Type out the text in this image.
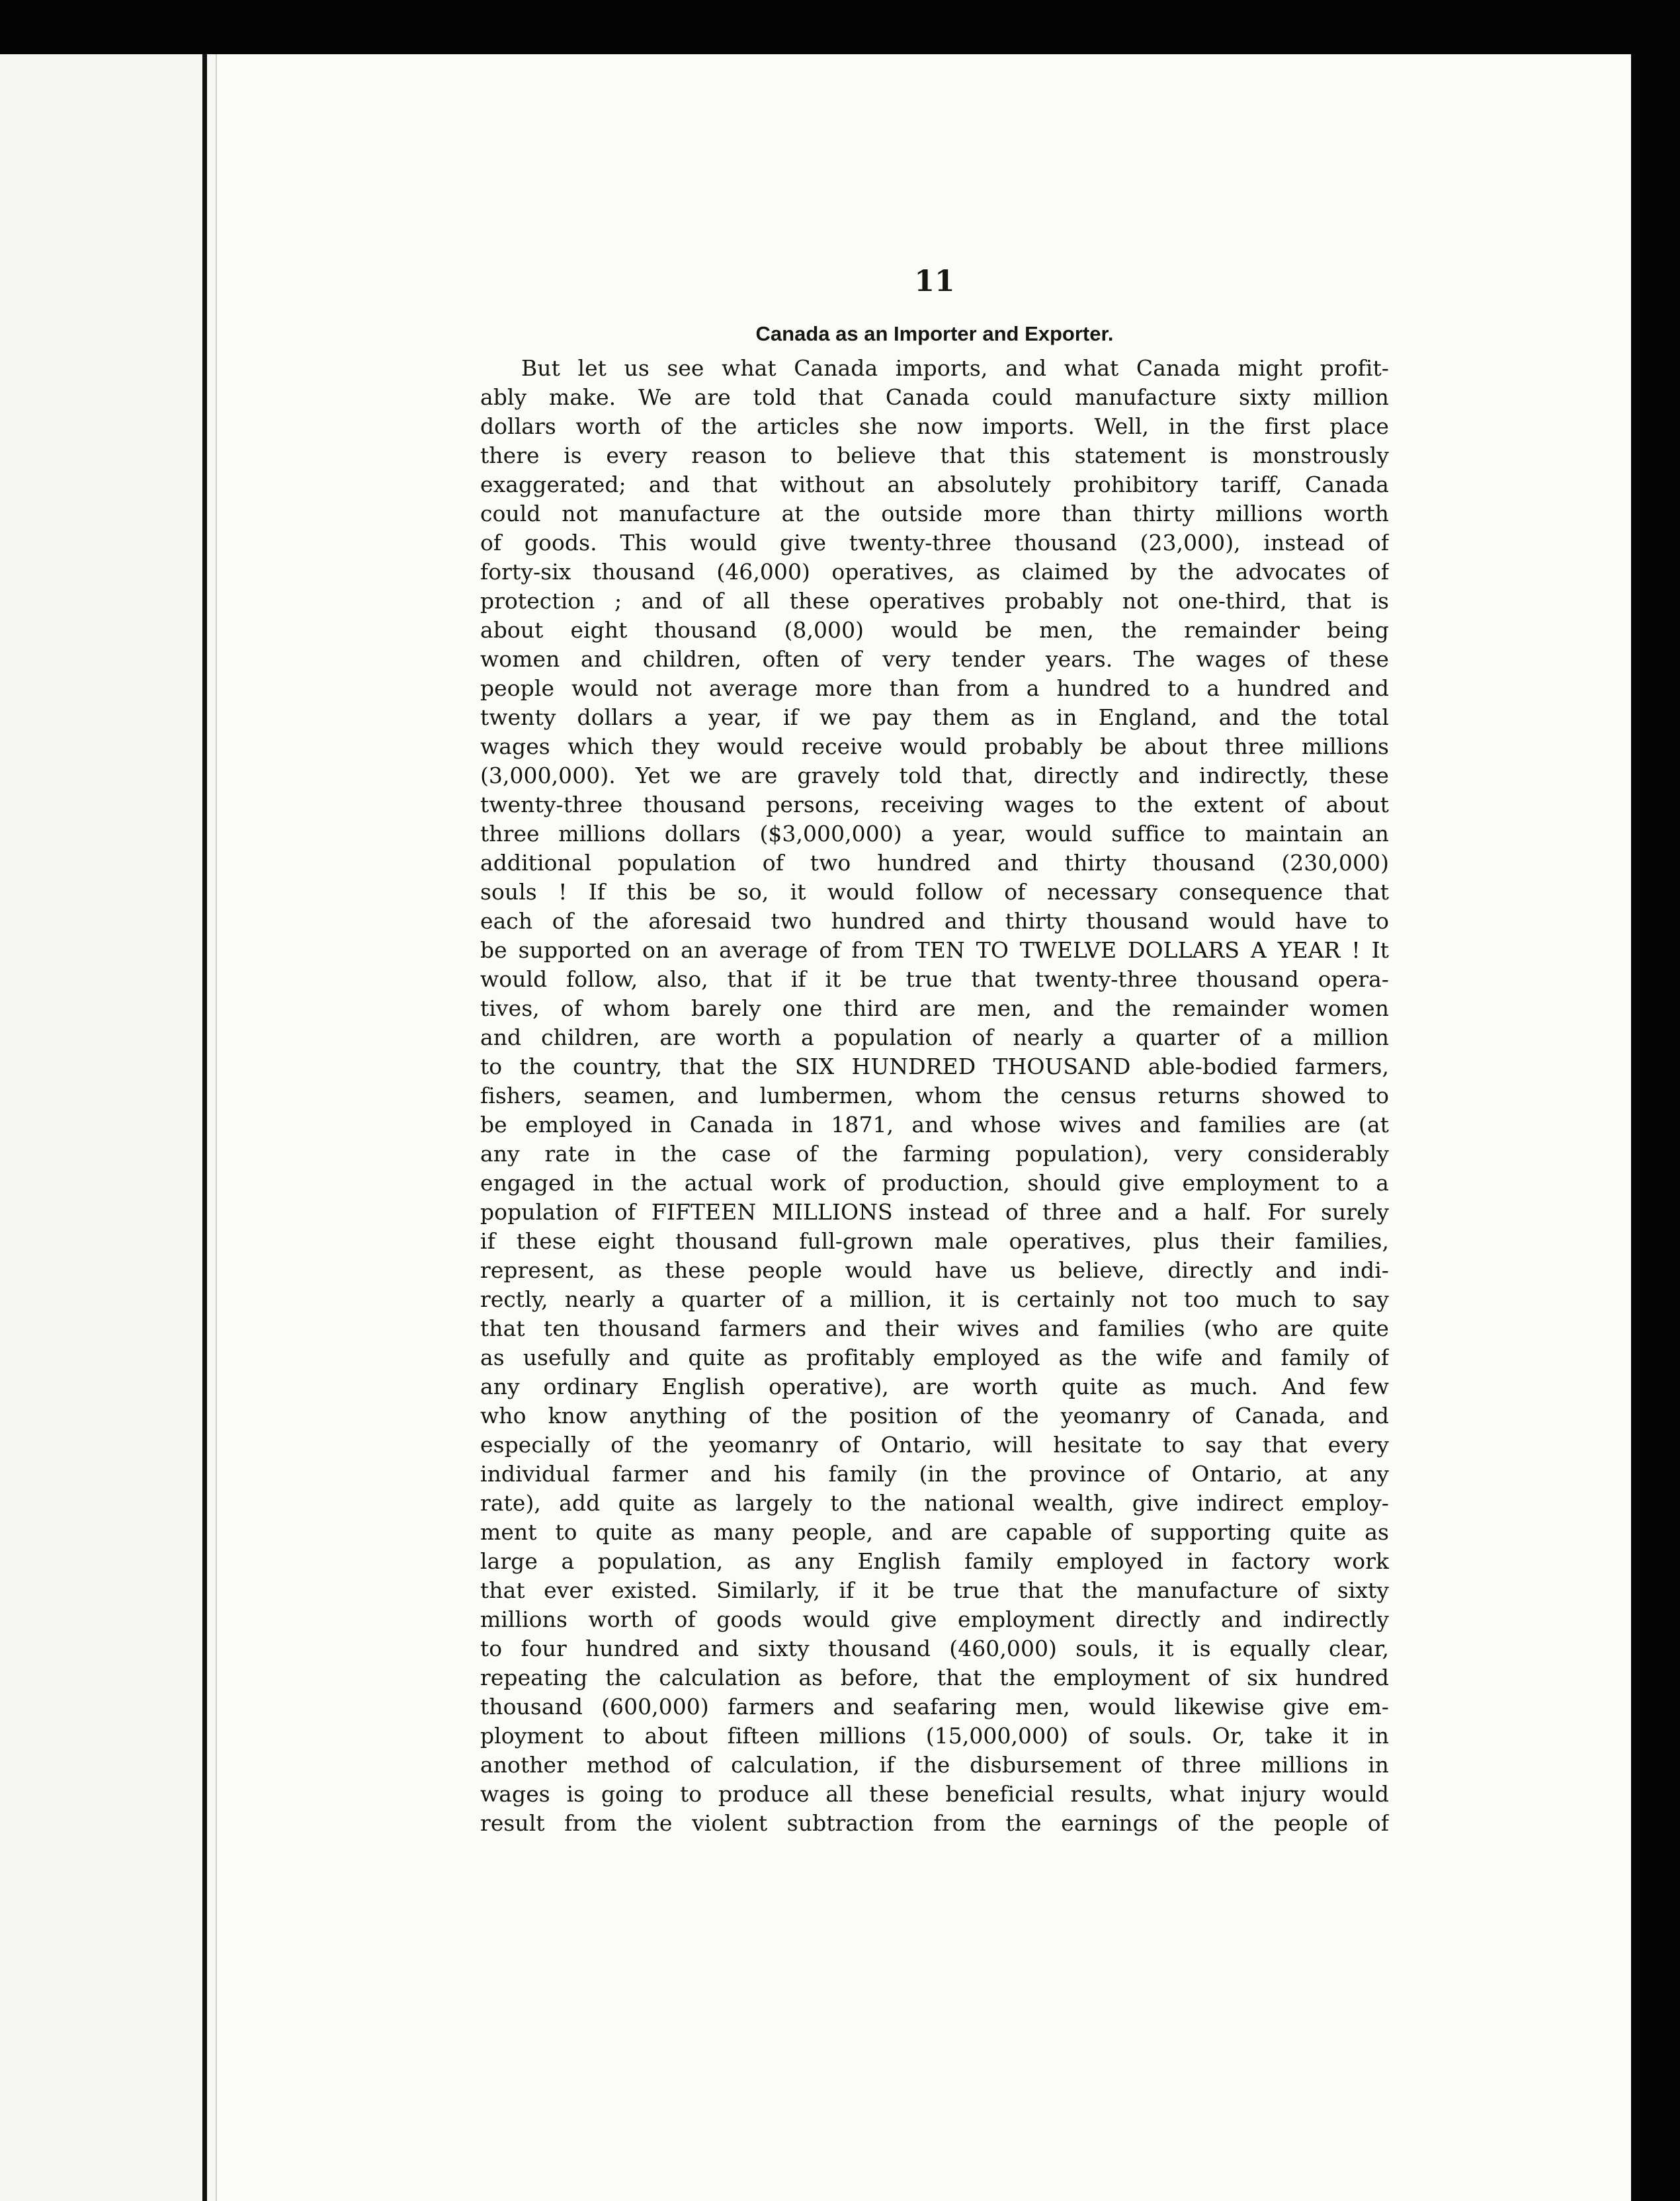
11
Canada as an Importer and Exporter.
But let us see what Canada imports, and what Canada might profit-
ably make. We are told that Canada could manufacture sixty million
dollars worth of the articles she now imports. Well, in the first place
there is every reason to believe that this statement is monstrously
exaggerated; and that without an absolutely prohibitory tariff, Canada
could not manufacture at the outside more than thirty millions worth
of goods. This would give twenty-three thousand (23,000), instead of
forty-six thousand (46,000) operatives, as claimed by the advocates of
protection ; and of all these operatives probably not one-third, that is
about eight thousand (8,000) would be men, the remainder being
women and children, often of very tender years. The wages of these
people would not average more than from a hundred to a hundred and
twenty dollars a year, if we pay them as in England, and the total
wages which they would receive would probably be about three millions
(3,000,000). Yet we are gravely told that, directly and indirectly, these
twenty-three thousand persons, receiving wages to the extent of about
three millions dollars ($3,000,000) a year, would suffice to maintain an
additional population of two hundred and thirty thousand (230,000)
souls ! If this be so, it would follow of necessary consequence that
each of the aforesaid two hundred and thirty thousand would have to
be supported on an average of from TEN TO TWELVE DOLLARS A YEAR ! It
would follow, also, that if it be true that twenty-three thousand opera-
tives, of whom barely one third are men, and the remainder women
and children, are worth a population of nearly a quarter of a million
to the country, that the SIX HUNDRED THOUSAND able-bodied farmers,
fishers, seamen, and lumbermen, whom the census returns showed to
be employed in Canada in 1871, and whose wives and families are (at
any rate in the case of the farming population), very considerably
engaged in the actual work of production, should give employment to a
population of FIFTEEN MILLIONS instead of three and a half. For surely
if these eight thousand full-grown male operatives, plus their families,
represent, as these people would have us believe, directly and indi-
rectly, nearly a quarter of a million, it is certainly not too much to say
that ten thousand farmers and their wives and families (who are quite
as usefully and quite as profitably employed as the wife and family of
any ordinary English operative), are worth quite as much. And few
who know anything of the position of the yeomanry of Canada, and
especially of the yeomanry of Ontario, will hesitate to say that every
individual farmer and his family (in the province of Ontario, at any
rate), add quite as largely to the national wealth, give indirect employ-
ment to quite as many people, and are capable of supporting quite as
large a population, as any English family employed in factory work
that ever existed. Similarly, if it be true that the manufacture of sixty
millions worth of goods would give employment directly and indirectly
to four hundred and sixty thousand (460,000) souls, it is equally clear,
repeating the calculation as before, that the employment of six hundred
thousand (600,000) farmers and seafaring men, would likewise give em-
ployment to about fifteen millions (15,000,000) of souls. Or, take it in
another method of calculation, if the disbursement of three millions in
wages is going to produce all these beneficial results, what injury would
result from the violent subtraction from the earnings of the people of
